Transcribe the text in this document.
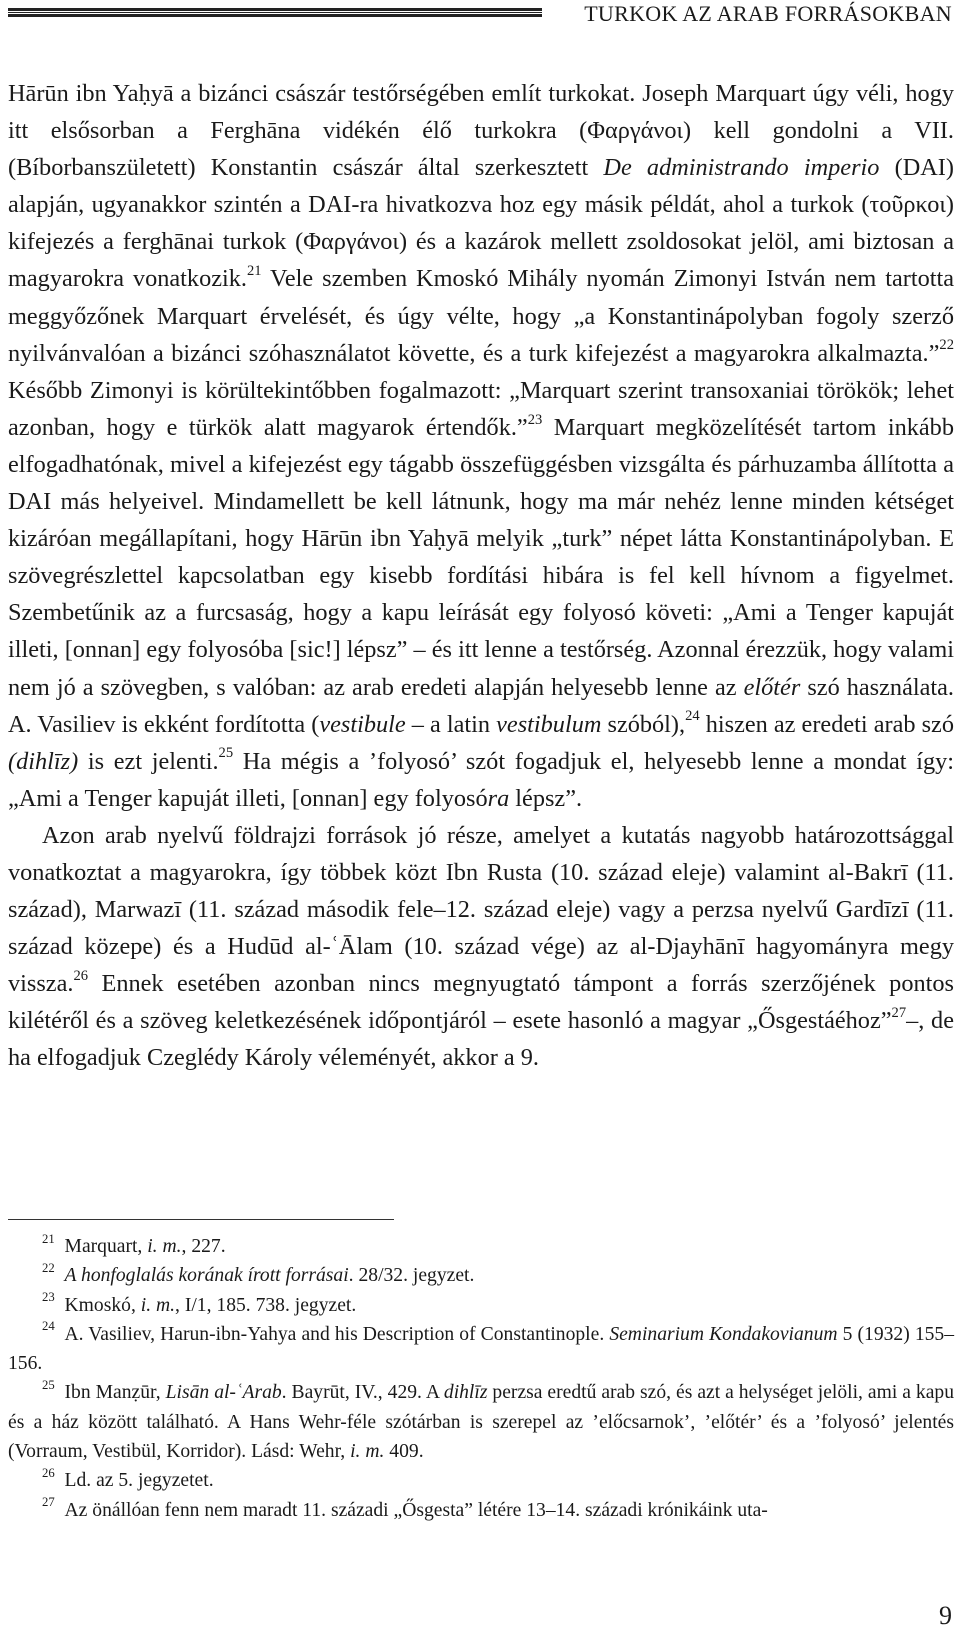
TURKOK AZ ARAB FORRÁSOKBAN

Hārūn ibn Yaḥyā a bizánci császár testőrségében említ turkokat. Joseph Marquart úgy véli, hogy itt elsősorban a Ferghāna vidékén élő turkokra (Φαργάνοι) kell gondolni a VII. (Bíborbanszületett) Konstantin császár által szerkesztett De administrando imperio (DAI) alapján, ugyanakkor szintén a DAI-ra hivatkozva hoz egy másik példát, ahol a turkok (τοῦρκοι) kifejezés a ferghānai turkok (Φαργάνοι) és a kazárok mellett zsoldosokat jelöl, ami biztosan a magyarokra vonatkozik.$^{21}$ Vele szemben Kmoskó Mihály nyomán Zimonyi István nem tartotta meggyőzőnek Marquart érvelését, és úgy vélte, hogy „a Konstantinápolyban fogoly szerző nyilvánvalóan a bizánci szóhasználatot követte, és a turk kifejezést a magyarokra alkalmazta.”$^{22}$ Később Zimonyi is körültekintőbben fogalmazott: „Marquart szerint transoxaniai törökök; lehet azonban, hogy e türkök alatt magyarok értendők.”$^{23}$ Marquart megközelítését tartom inkább elfogadhatónak, mivel a kifejezést egy tágabb összefüggésben vizsgálta és párhuzamba állította a DAI más helyeivel. Mindamellett be kell látnunk, hogy ma már nehéz lenne minden kétséget kizáróan megállapítani, hogy Hārūn ibn Yaḥyā melyik „turk” népet látta Konstantinápolyban. E szövegrészlettel kapcsolatban egy kisebb fordítási hibára is fel kell hívnom a figyelmet. Szembetűnik az a furcsaság, hogy a kapu leírását egy folyosó követi: „Ami a Tenger kapuját illeti, [onnan] egy folyosóba [sic!] lépsz” – és itt lenne a testőrség. Azonnal érezzük, hogy valami nem jó a szövegben, s valóban: az arab eredeti alapján helyesebb lenne az előtér szó használata. A. Vasiliev is ekként fordította (vestibule – a latin vestibulum szóból),$^{24}$ hiszen az eredeti arab szó (dihlīz) is ezt jelenti.$^{25}$ Ha mégis a ’folyosó’ szót fogadjuk el, helyesebb lenne a mondat így: „Ami a Tenger kapuját illeti, [onnan] egy folyosóra lépsz”.

Azon arab nyelvű földrajzi források jó része, amelyet a kutatás nagyobb határozottsággal vonatkoztat a magyarokra, így többek közt Ibn Rusta (10. század eleje) valamint al-Bakrī (11. század), Marwazī (11. század második fele–12. század eleje) vagy a perzsa nyelvű Gardīzī (11. század közepe) és a Hudūd al-ʿĀlam (10. század vége) az al-Djayhānī hagyományra megy vissza.$^{26}$ Ennek esetében azonban nincs megnyugtató támpont a forrás szerzőjének pontos kilétéről és a szöveg keletkezésének időpontjáról – esete hasonló a magyar „Ősgestáéhoz”$^{27}$–, de ha elfogadjuk Czeglédy Károly véleményét, akkor a 9.

$^{21}$  Marquart, i. m., 227.

$^{22}$  A honfoglalás korának írott forrásai. 28/32. jegyzet.

$^{23}$  Kmoskó, i. m., I/1, 185. 738. jegyzet.

$^{24}$  A. Vasiliev, Harun-ibn-Yahya and his Description of Constantinople. Seminarium Kondakovianum 5 (1932) 155–156.

$^{25}$  Ibn Manẓūr, Lisān al-ʿArab. Bayrūt, IV., 429. A dihlīz perzsa eredtű arab szó, és azt a helységet jelöli, ami a kapu és a ház között található. A Hans Wehr-féle szótárban is szerepel az ’előcsarnok’, ’előtér’ és a ’folyosó’ jelentés (Vorraum, Vestibül, Korridor). Lásd: Wehr, i. m. 409.

$^{26}$  Ld. az 5. jegyzetet.

$^{27}$  Az önállóan fenn nem maradt 11. századi „Ősgesta” létére 13–14. századi krónikáink uta-

9
